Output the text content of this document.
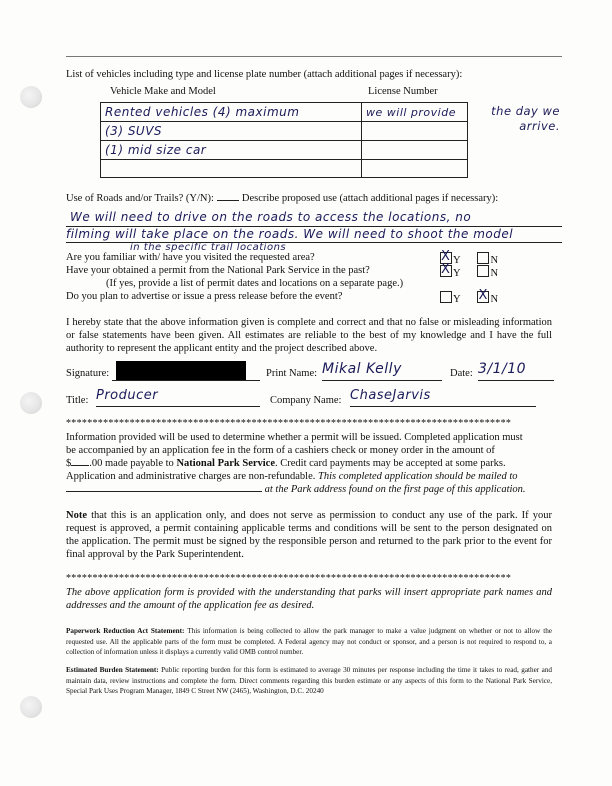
List of vehicles including type and license plate number (attach additional pages if necessary):
Vehicle Make and Model	License Number
Rented vehicles (4) maximum	we will provide
(3) SUVS	
(1) mid size car	

the day we arrive.
Use of Roads and/or Trails? (Y/N):	Describe proposed use (attach additional pages if necessary):
We will need to drive on the roads to access the locations, no
filming will take place on the roads. We will need to shoot the model
in the specific trail locations
Are you familiar with/ have you visited the requested area? X	Y	N
Have your obtained a permit from the National Park Service in the past? X	Y	N
(If yes, provide a list of permit dates and locations on a separate page.)
Do you plan to advertise or issue a press release before the event?	Y X	N
I hereby state that the above information given is complete and correct and that no false or misleading information or false statements have been given. All estimates are reliable to the best of my knowledge and I have the full authority to represent the applicant entity and the project described above.
Signature:	Print Name: Mikal Kelly	Date: 3/1/10
Title: Producer	Company Name: ChaseJarvis
************************************************************************************
Information provided will be used to determine whether a permit will be issued. Completed application must
be accompanied by an application fee in the form of a cashiers check or money order in the amount of
$ .00 made payable to National Park Service. Credit card payments may be accepted at some parks.
Application and administrative charges are non-refundable. This completed application should be mailed to
at the Park address found on the first page of this application.
Note that this is an application only, and does not serve as permission to conduct any use of the park. If your request is approved, a permit containing applicable terms and conditions will be sent to the person designated on the application. The permit must be signed by the responsible person and returned to the park prior to the event for final approval by the Park Superintendent.
************************************************************************************
The above application form is provided with the understanding that parks will insert appropriate park names and addresses and the amount of the application fee as desired.
Paperwork Reduction Act Statement: This information is being collected to allow the park manager to make a value judgment on whether or not to allow the requested use. All the applicable parts of the form must be completed. A Federal agency may not conduct or sponsor, and a person is not required to respond to, a collection of information unless it displays a currently valid OMB control number.
Estimated Burden Statement: Public reporting burden for this form is estimated to average 30 minutes per response including the time it takes to read, gather and maintain data, review instructions and complete the form. Direct comments regarding this burden estimate or any aspects of this form to the National Park Service, Special Park Uses Program Manager, 1849 C Street NW (2465), Washington, D.C. 20240
